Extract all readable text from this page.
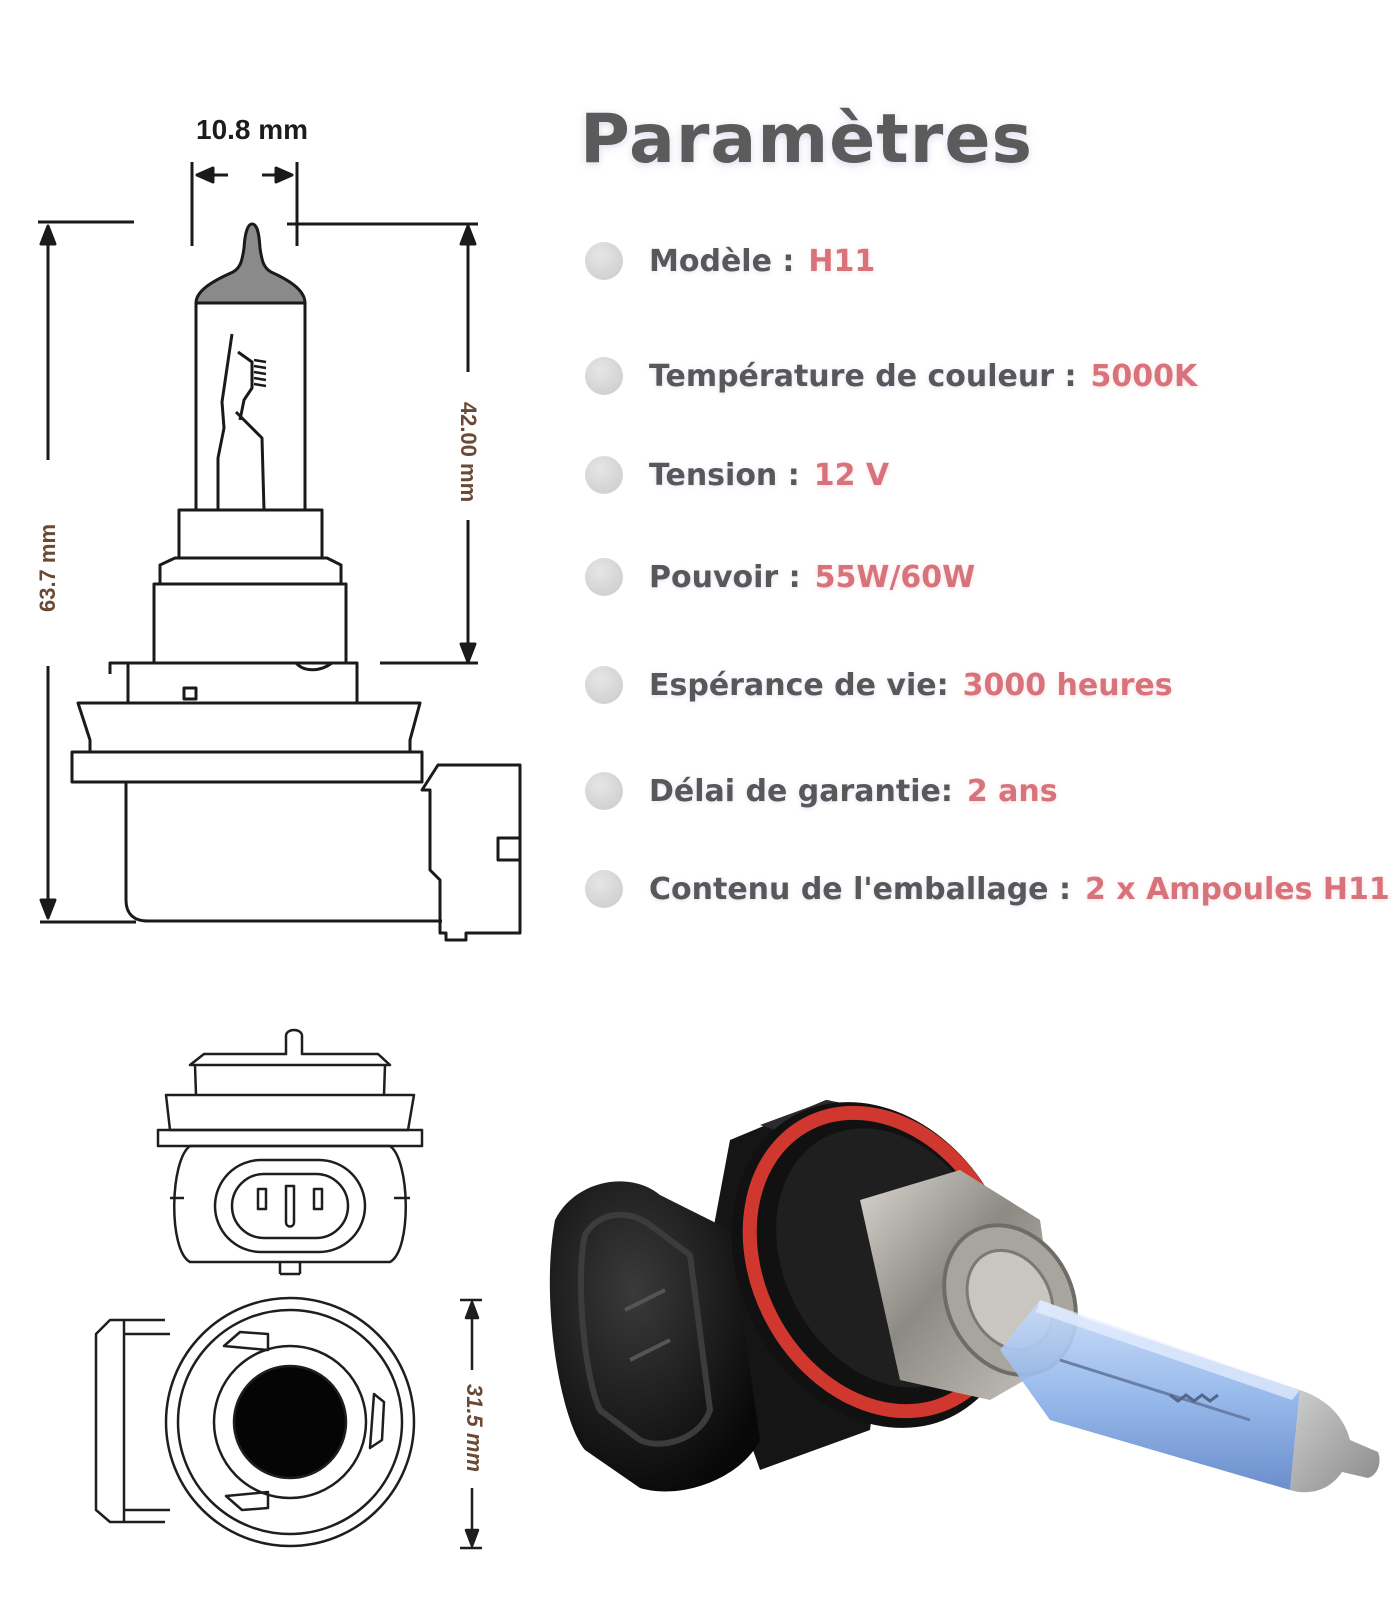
10.8 mm
63.7 mm
42.00 mm
31.5 mm
Paramètres
Modèle : H11
Température de couleur : 5000K
Tension : 12 V
Pouvoir : 55W/60W
Espérance de vie: 3000 heures
Délai de garantie: 2 ans
Contenu de l'emballage : 2 x Ampoules H11
